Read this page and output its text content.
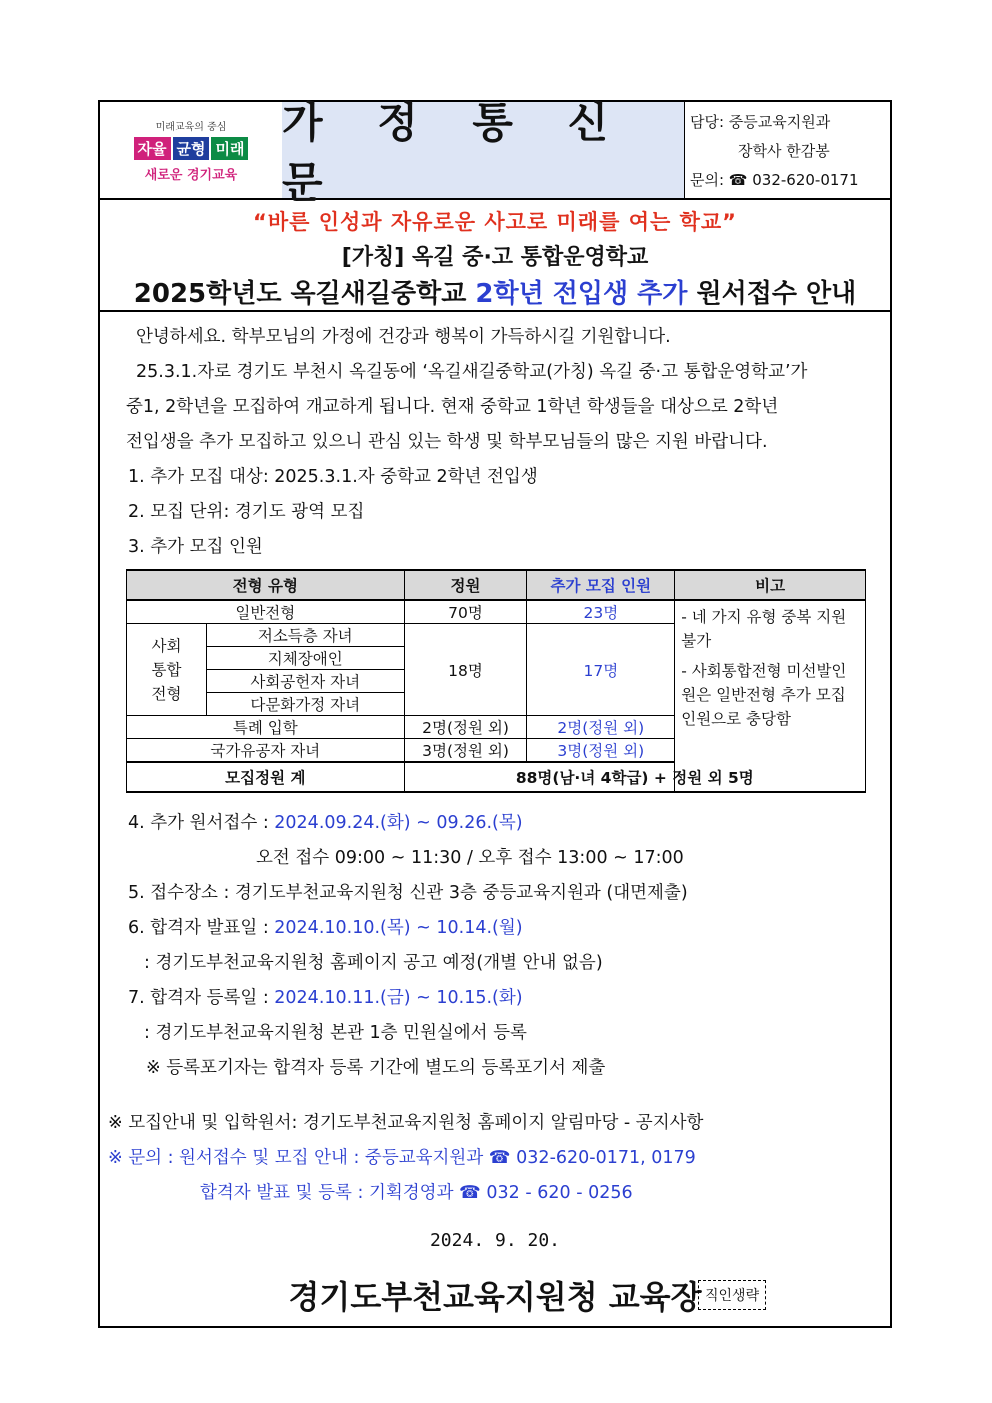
미래교육의 중심
자율 균형 미래
새로운 경기교육
가 정 통 신 문
담당: 중등교육지원과
장학사 한감봉
문의: ☎ 032-620-0171
“바른 인성과 자유로운 사고로 미래를 여는 학교”
[가칭] 옥길 중·고 통합운영학교
2025학년도 옥길새길중학교 2학년 전입생 추가 원서접수 안내
안녕하세요. 학부모님의 가정에 건강과 행복이 가득하시길 기원합니다.
25.3.1.자로 경기도 부천시 옥길동에 ‘옥길새길중학교(가칭) 옥길 중·고 통합운영학교’가
중1, 2학년을 모집하여 개교하게 됩니다. 현재 중학교 1학년 학생들을 대상으로 2학년
전입생을 추가 모집하고 있으니 관심 있는 학생 및 학부모님들의 많은 지원 바랍니다.
1. 추가 모집 대상: 2025.3.1.자 중학교 2학년 전입생
2. 모집 단위: 경기도 광역 모집
3. 추가 모집 인원
4. 추가 원서접수 : 2024.09.24.(화) ~ 09.26.(목)
오전 접수 09:00 ~ 11:30 / 오후 접수 13:00 ~ 17:00
5. 접수장소 : 경기도부천교육지원청 신관 3층 중등교육지원과 (대면제출)
6. 합격자 발표일 : 2024.10.10.(목) ~ 10.14.(월)
: 경기도부천교육지원청 홈페이지 공고 예정(개별 안내 없음)
7. 합격자 등록일 : 2024.10.11.(금) ~ 10.15.(화)
: 경기도부천교육지원청 본관 1층 민원실에서 등록
※ 등록포기자는 합격자 등록 기간에 별도의 등록포기서 제출
※ 모집안내 및 입학원서: 경기도부천교육지원청 홈페이지 알림마당 - 공지사항
※ 문의 : 원서접수 및 모집 안내 : 중등교육지원과 ☎ 032-620-0171, 0179
합격자 발표 및 등록 : 기획경영과 ☎ 032 - 620 - 0256
전형 유형		정원	추가 모집 인원	비고
일반전형		70명	23명	- 네 가지 유형 중복 지원 불가
- 사회통합전형 미선발인원은 일반전형 추가 모집 인원으로 충당함

사회
통합
전형	저소득층 자녀	18명	17명	
	지체장애인			
	사회공헌자 자녀			
	다문화가정 자녀			
특례 입학		2명(정원 외)	2명(정원 외)	
국가유공자 자녀		3명(정원 외)	3명(정원 외)	
모집정원 계		88명(남·녀 4학급) + 정원 외 5명		
2024. 9. 20.
경기도부천교육지원청 교육장 직인생략
